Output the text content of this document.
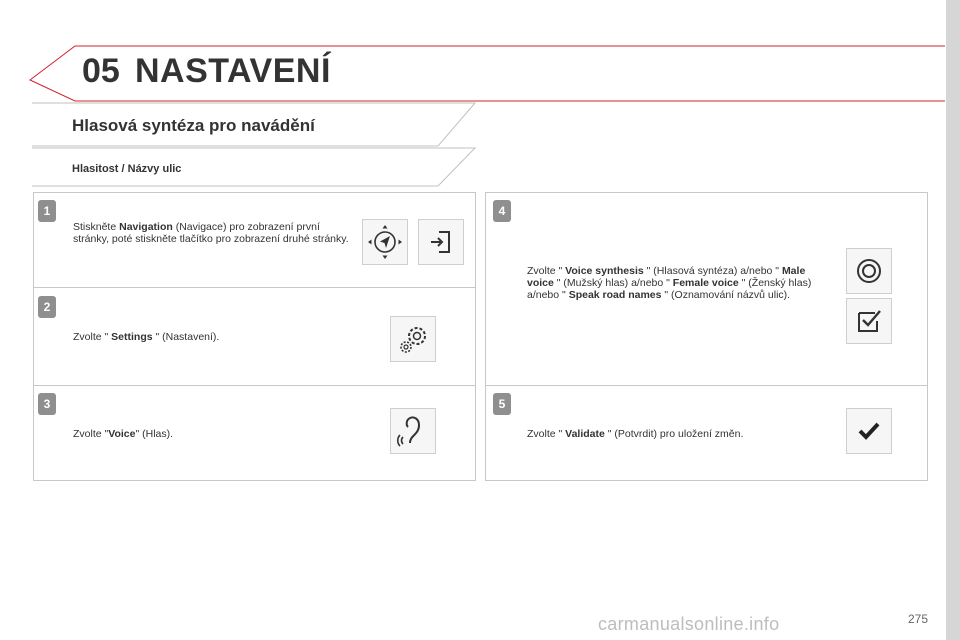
05 NASTAVENÍ
Hlasová syntéza pro navádění
Hlasitost / Názvy ulic
1
Stiskněte Navigation (Navigace) pro zobrazení první stránky, poté stiskněte tlačítko pro zobrazení druhé stránky.
2
Zvolte " Settings " (Nastavení).
3
Zvolte "Voice" (Hlas).
4
Zvolte " Voice synthesis " (Hlasová syntéza) a/nebo " Male voice " (Mužský hlas) a/nebo " Female voice " (Ženský hlas) a/nebo " Speak road names " (Oznamování názvů ulic).
5
Zvolte " Validate " (Potvrdit) pro uložení změn.
275
carmanualsonline.info
